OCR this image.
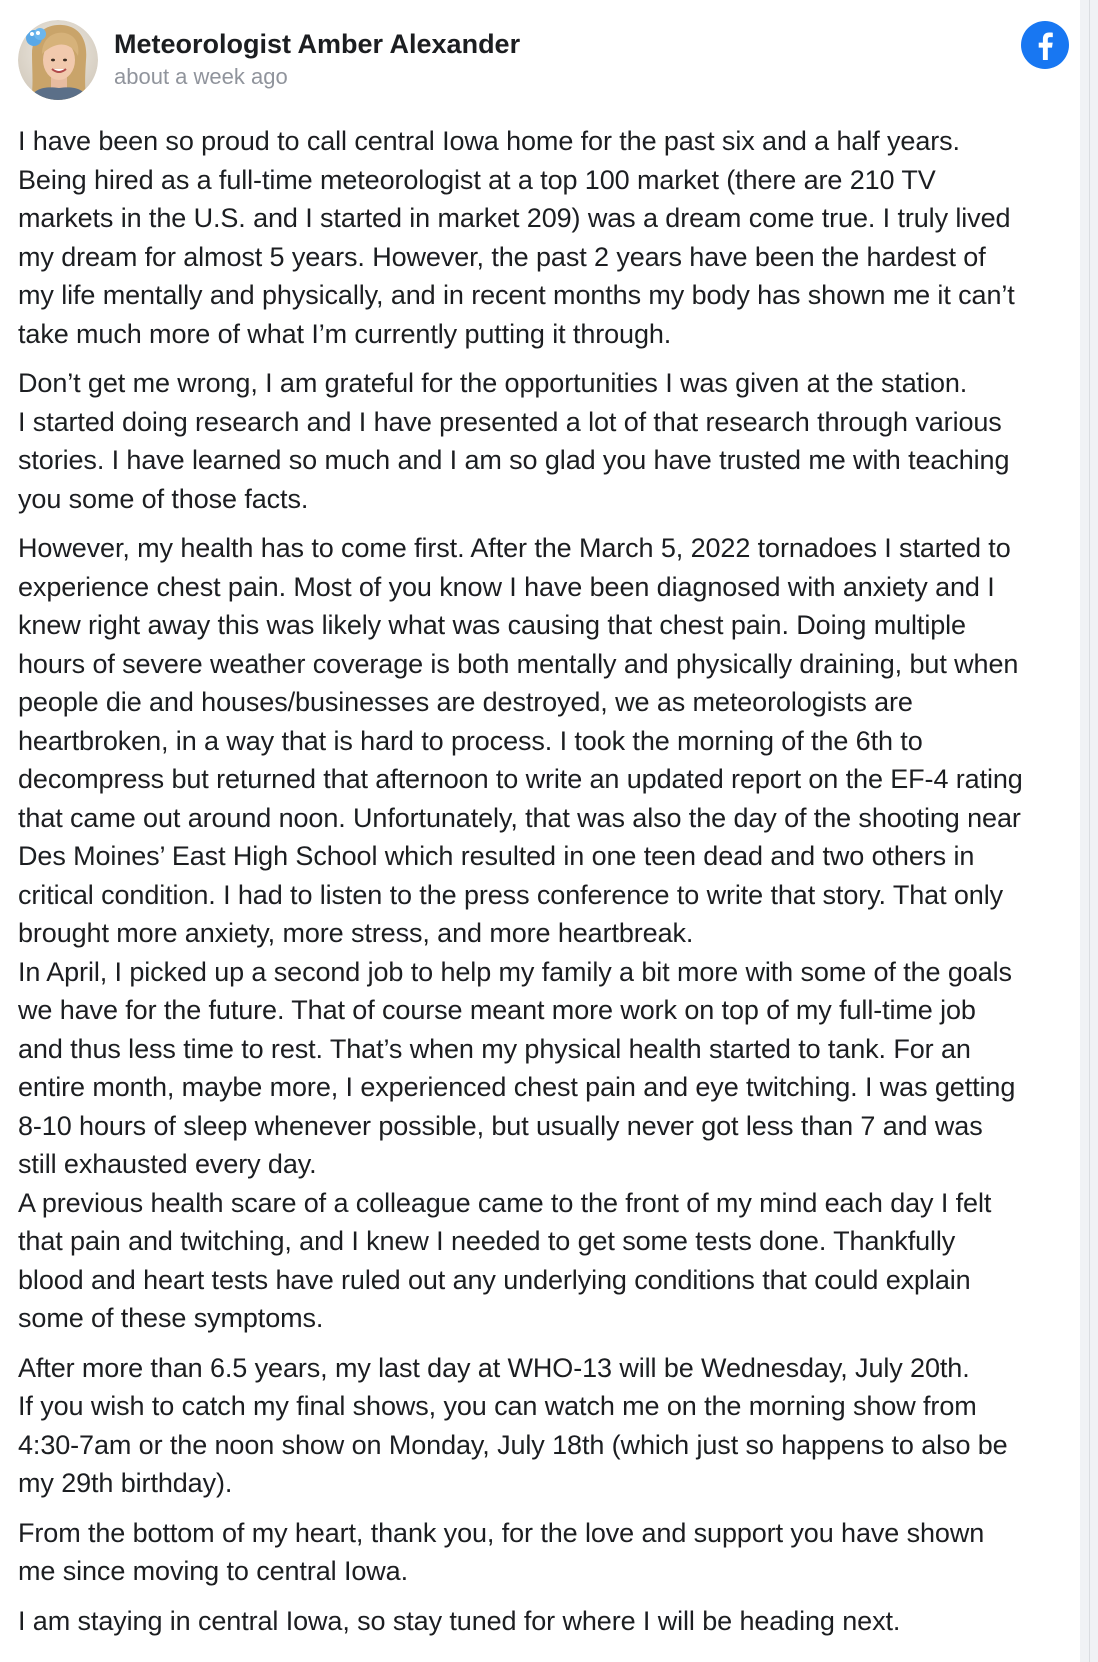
Meteorologist Amber Alexander
about a week ago
I have been so proud to call central Iowa home for the past six and a half years.
Being hired as a full-time meteorologist at a top 100 market (there are 210 TV
markets in the U.S. and I started in market 209) was a dream come true. I truly lived
my dream for almost 5 years. However, the past 2 years have been the hardest of
my life mentally and physically, and in recent months my body has shown me it can’t
take much more of what I’m currently putting it through.
Don’t get me wrong, I am grateful for the opportunities I was given at the station.
I started doing research and I have presented a lot of that research through various
stories. I have learned so much and I am so glad you have trusted me with teaching
you some of those facts.
However, my health has to come first. After the March 5, 2022 tornadoes I started to
experience chest pain. Most of you know I have been diagnosed with anxiety and I
knew right away this was likely what was causing that chest pain. Doing multiple
hours of severe weather coverage is both mentally and physically draining, but when
people die and houses/businesses are destroyed, we as meteorologists are
heartbroken, in a way that is hard to process. I took the morning of the 6th to
decompress but returned that afternoon to write an updated report on the EF-4 rating
that came out around noon. Unfortunately, that was also the day of the shooting near
Des Moines’ East High School which resulted in one teen dead and two others in
critical condition. I had to listen to the press conference to write that story. That only
brought more anxiety, more stress, and more heartbreak.
In April, I picked up a second job to help my family a bit more with some of the goals
we have for the future. That of course meant more work on top of my full-time job
and thus less time to rest. That’s when my physical health started to tank. For an
entire month, maybe more, I experienced chest pain and eye twitching. I was getting
8-10 hours of sleep whenever possible, but usually never got less than 7 and was
still exhausted every day.
A previous health scare of a colleague came to the front of my mind each day I felt
that pain and twitching, and I knew I needed to get some tests done. Thankfully
blood and heart tests have ruled out any underlying conditions that could explain
some of these symptoms.
After more than 6.5 years, my last day at WHO-13 will be Wednesday, July 20th.
If you wish to catch my final shows, you can watch me on the morning show from
4:30-7am or the noon show on Monday, July 18th (which just so happens to also be
my 29th birthday).
From the bottom of my heart, thank you, for the love and support you have shown
me since moving to central Iowa.
I am staying in central Iowa, so stay tuned for where I will be heading next.
